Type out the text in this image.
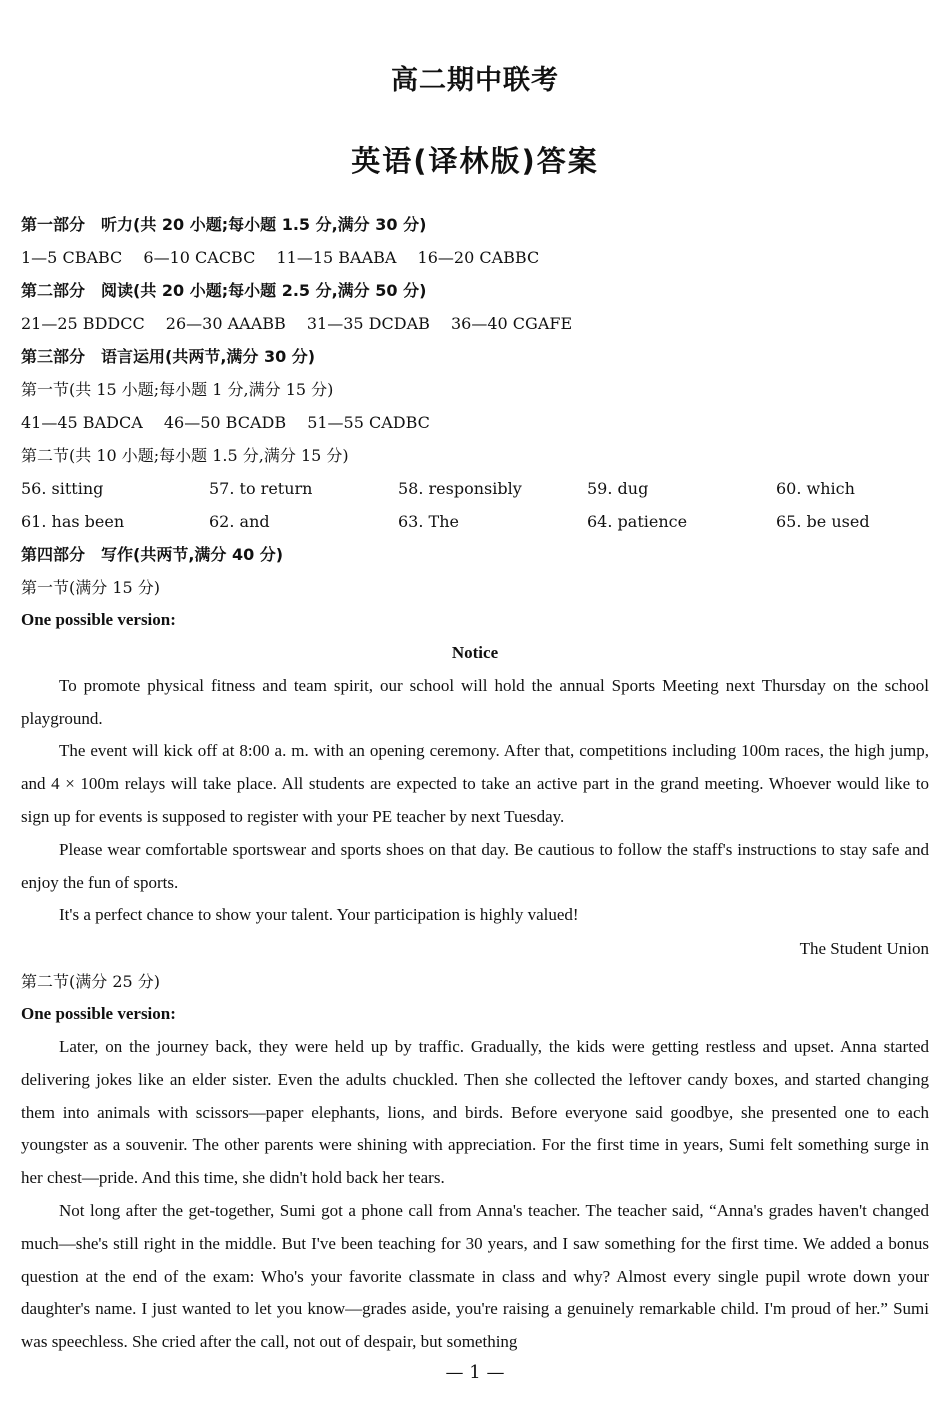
高二期中联考
英语(译林版)答案
第一部分　听力(共 20 小题;每小题 1.5 分,满分 30 分)
1—5 CBABC 6—10 CACBC 11—15 BAABA 16—20 CABBC
第二部分　阅读(共 20 小题;每小题 2.5 分,满分 50 分)
21—25 BDDCC 26—30 AAABB 31—35 DCDAB 36—40 CGAFE
第三部分　语言运用(共两节,满分 30 分)
第一节(共 15 小题;每小题 1 分,满分 15 分)
41—45 BADCA 46—50 BCADB 51—55 CADBC
第二节(共 10 小题;每小题 1.5 分,满分 15 分)
56. sitting	57. to return	58. responsibly	59. dug	60. which
61. has been	62. and	63. The	64. patience	65. be used
第四部分　写作(共两节,满分 40 分)
第一节(满分 15 分)
One possible version:
Notice
To promote physical fitness and team spirit, our school will hold the annual Sports Meeting next Thursday on the school playground.
The event will kick off at 8:00 a. m. with an opening ceremony. After that, competitions including 100m races, the high jump, and 4 × 100m relays will take place. All students are expected to take an active part in the grand meeting. Whoever would like to sign up for events is supposed to register with your PE teacher by next Tuesday.
Please wear comfortable sportswear and sports shoes on that day. Be cautious to follow the staff's instructions to stay safe and enjoy the fun of sports.
It's a perfect chance to show your talent. Your participation is highly valued!
The Student Union
第二节(满分 25 分)
One possible version:
Later, on the journey back, they were held up by traffic. Gradually, the kids were getting restless and upset. Anna started delivering jokes like an elder sister. Even the adults chuckled. Then she collected the leftover candy boxes, and started changing them into animals with scissors—paper elephants, lions, and birds. Before everyone said goodbye, she presented one to each youngster as a souvenir. The other parents were shining with appreciation. For the first time in years, Sumi felt something surge in her chest—pride. And this time, she didn't hold back her tears.
Not long after the get-together, Sumi got a phone call from Anna's teacher. The teacher said, “Anna's grades haven't changed much—she's still right in the middle. But I've been teaching for 30 years, and I saw something for the first time. We added a bonus question at the end of the exam: Who's your favorite classmate in class and why? Almost every single pupil wrote down your daughter's name. I just wanted to let you know—grades aside, you're raising a genuinely remarkable child. I'm proud of her.” Sumi was speechless. She cried after the call, not out of despair, but something
— 1 —
